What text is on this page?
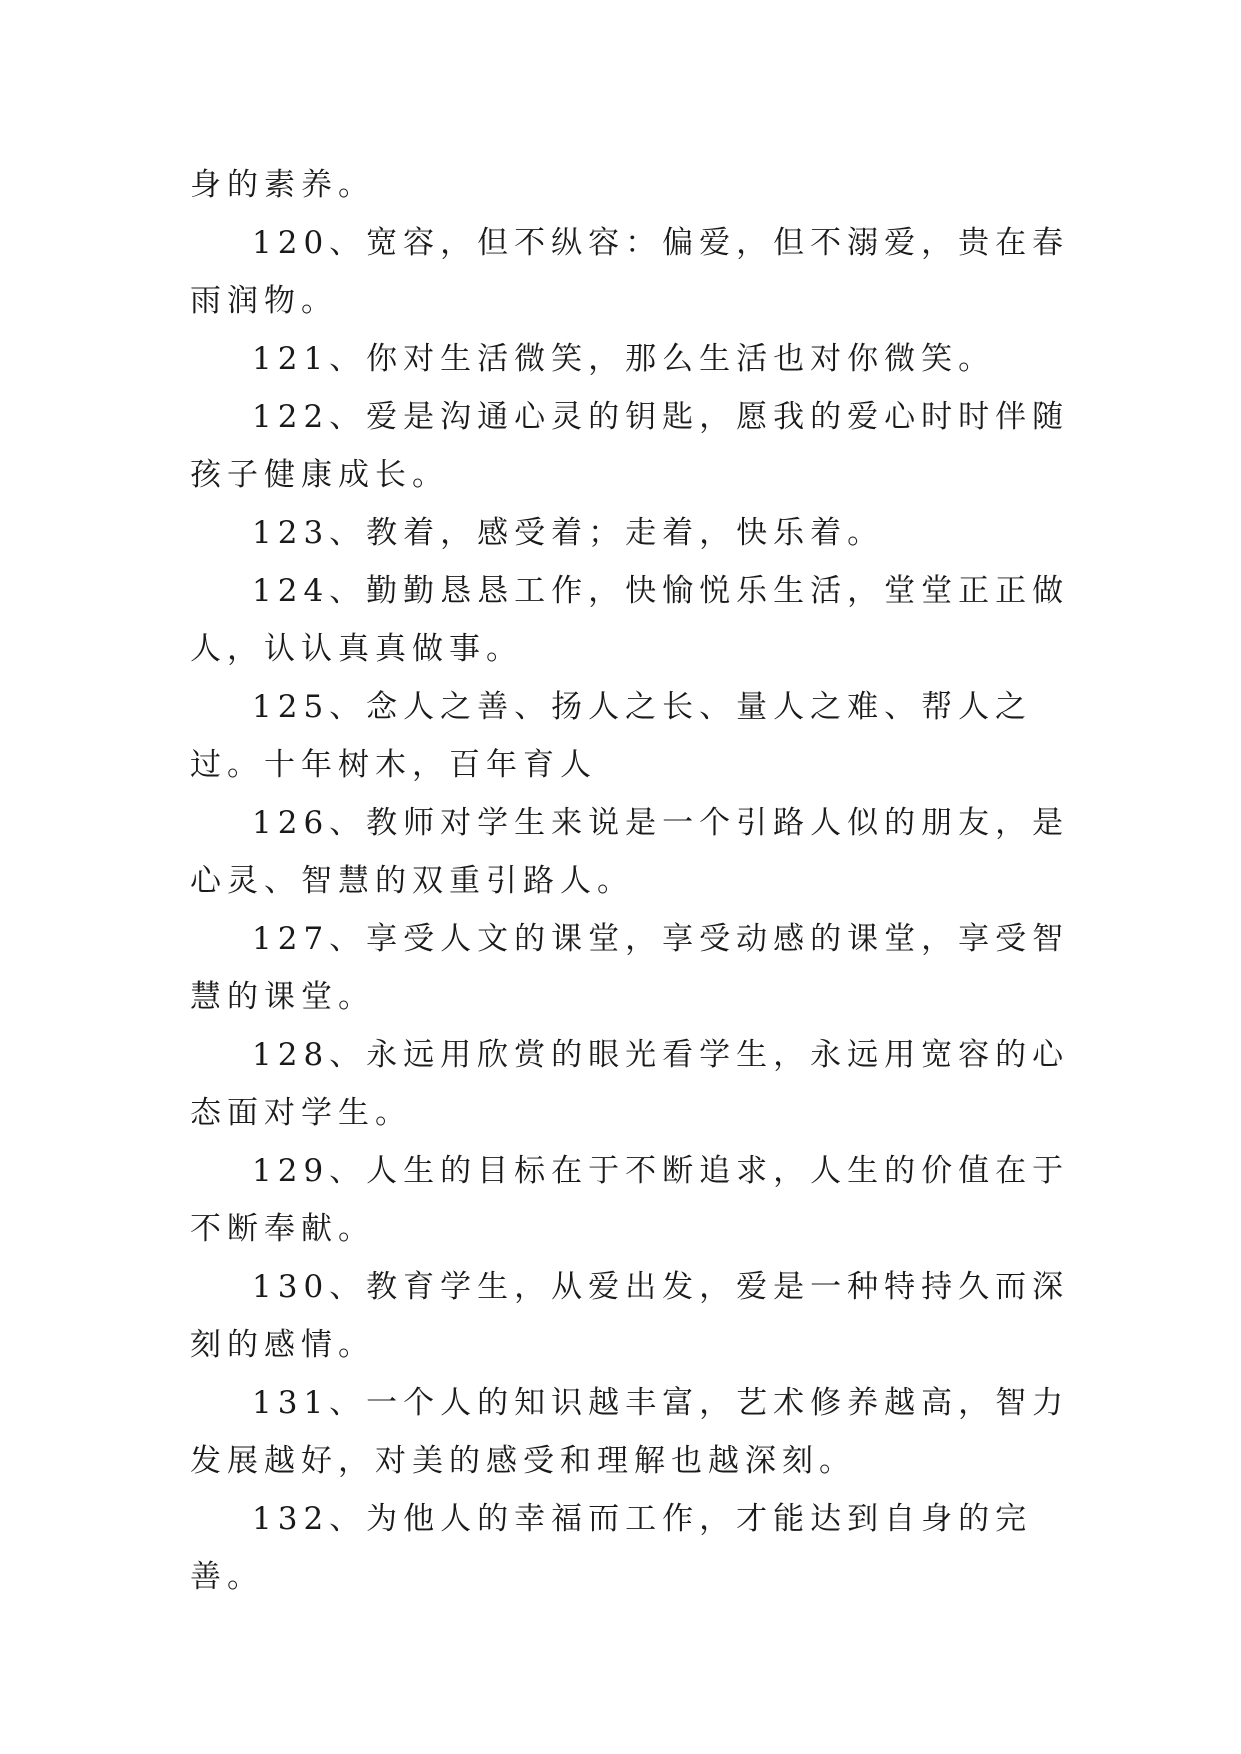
身的素养。

120、宽容，但不纵容：偏爱，但不溺爱，贵在春雨润物。

121、你对生活微笑，那么生活也对你微笑。

122、爱是沟通心灵的钥匙，愿我的爱心时时伴随孩子健康成长。

123、教着，感受着；走着，快乐着。

124、勤勤恳恳工作，快愉悦乐生活，堂堂正正做人，认认真真做事。

125、念人之善、扬人之长、量人之难、帮人之过。十年树木，百年育人

126、教师对学生来说是一个引路人似的朋友，是心灵、智慧的双重引路人。

127、享受人文的课堂，享受动感的课堂，享受智慧的课堂。

128、永远用欣赏的眼光看学生，永远用宽容的心态面对学生。

129、人生的目标在于不断追求，人生的价值在于不断奉献。

130、教育学生，从爱出发，爱是一种特持久而深刻的感情。

131、一个人的知识越丰富，艺术修养越高，智力发展越好，对美的感受和理解也越深刻。

132、为他人的幸福而工作，才能达到自身的完善。
